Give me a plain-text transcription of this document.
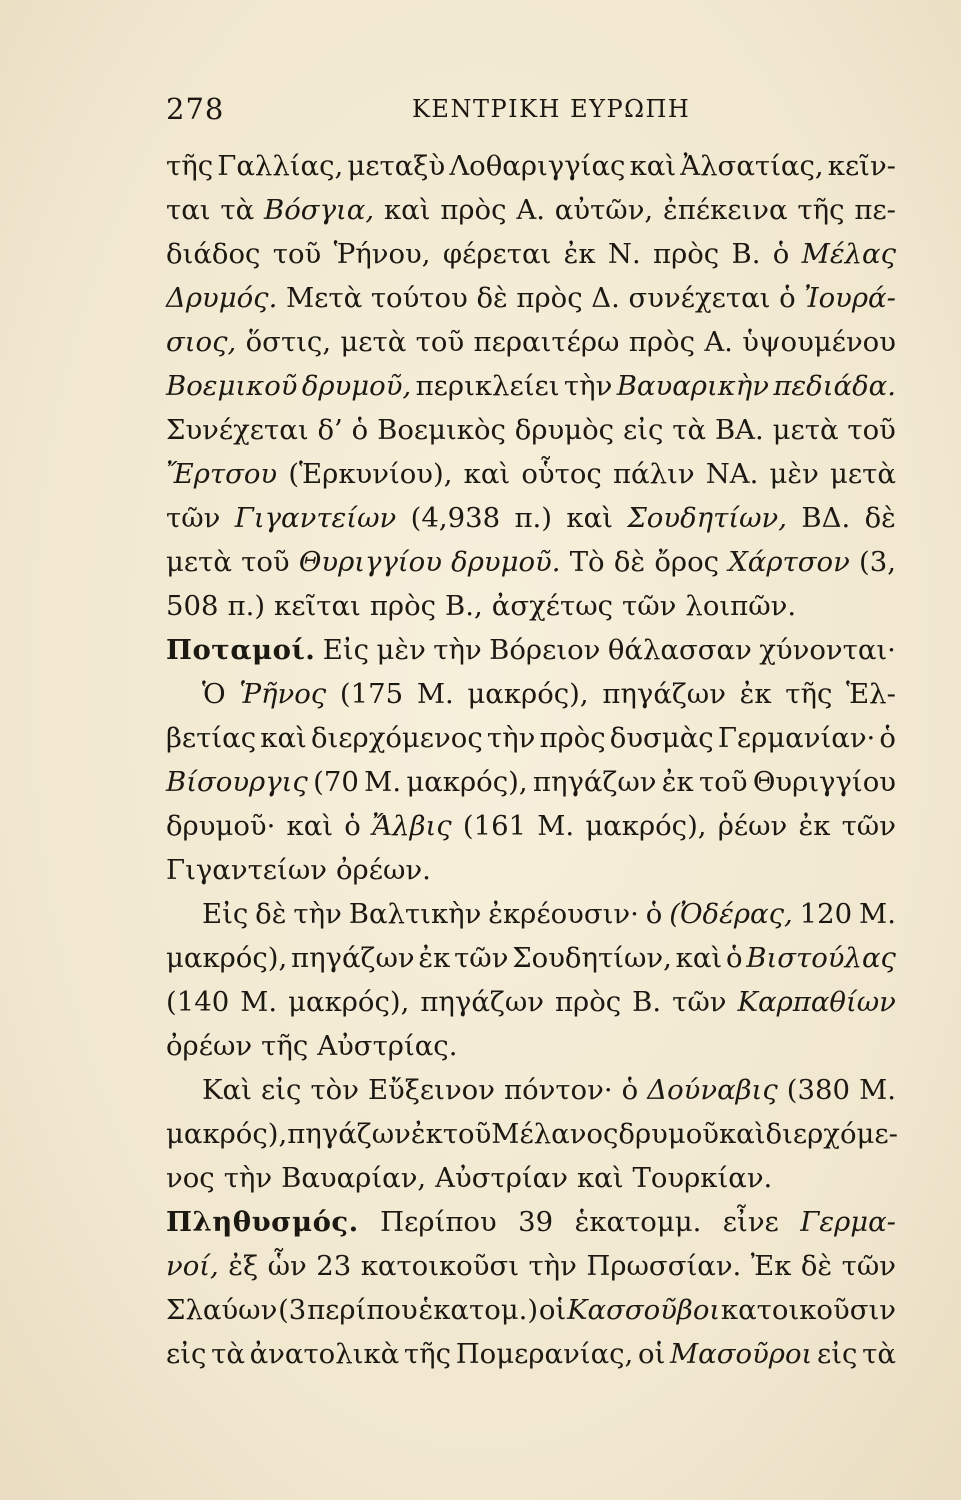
278	ΚΕΝΤΡΙΚΗ ΕΥΡΩΠΗ
τῆς Γαλλίας, μεταξὺ Λοθαριγγίας καὶ Ἀλσατίας, κεῖν-
ται τὰ Βόσγια, καὶ πρὸς Α. αὐτῶν, ἐπέκεινα τῆς πε-
διάδος τοῦ Ῥήνου, φέρεται ἐκ Ν. πρὸς Β. ὁ Μέλας
Δρυμός. Μετὰ τούτου δὲ πρὸς Δ. συνέχεται ὁ Ἰουρά-
σιος, ὅστις, μετὰ τοῦ περαιτέρω πρὸς Α. ὑψουμένου
Βοεμικοῦ δρυμοῦ, περικλείει τὴν Βαυαρικὴν πεδιάδα.
Συνέχεται δ’ ὁ Βοεμικὸς δρυμὸς εἰς τὰ ΒΑ. μετὰ τοῦ
Ἔρτσου (Ἑρκυνίου), καὶ οὗτος πάλιν ΝΑ. μὲν μετὰ
τῶν Γιγαντείων (4,938 π.) καὶ Σουδητίων, ΒΔ. δὲ
μετὰ τοῦ Θυριγγίου δρυμοῦ. Τὸ δὲ ὄρος Χάρτσον (3,
508 π.) κεῖται πρὸς Β., ἀσχέτως τῶν λοιπῶν.
Ποταμοί. Εἰς μὲν τὴν Βόρειον θάλασσαν χύνονται·
Ὁ Ῥῆνος (175 Μ. μακρός), πηγάζων ἐκ τῆς Ἑλ-
βετίας καὶ διερχόμενος τὴν πρὸς δυσμὰς Γερμανίαν· ὁ
Βίσουργις (70 Μ. μακρός), πηγάζων ἐκ τοῦ Θυριγγίου
δρυμοῦ· καὶ ὁ Ἄλβις (161 Μ. μακρός), ῥέων ἐκ τῶν
Γιγαντείων ὀρέων.
Εἰς δὲ τὴν Βαλτικὴν ἐκρέουσιν· ὁ (Ὀδέρας, 120 Μ.
μακρός), πηγάζων ἐκ τῶν Σουδητίων, καὶ ὁ Βιστούλας
(140 Μ. μακρός), πηγάζων πρὸς Β. τῶν Καρπαθίων
ὀρέων τῆς Αὐστρίας.
Καὶ εἰς τὸν Εὔξεινον πόντον· ὁ Δούναβις (380 Μ.
μακρός), πηγάζων ἐκ τοῦ Μέλανος δρυμοῦ καὶ διερχόμε-
νος τὴν Βαυαρίαν, Αὐστρίαν καὶ Τουρκίαν.
Πληθυσμός. Περίπου 39 ἑκατομμ. εἶνε Γερμα-
νοί, ἐξ ὧν 23 κατοικοῦσι τὴν Πρωσσίαν. Ἐκ δὲ τῶν
Σλαύων (3 περίπου ἑκατομ.) οἱ Κασσοῦβοι κατοικοῦσιν
εἰς τὰ ἀνατολικὰ τῆς Πομερανίας, οἱ Μασοῦροι εἰς τὰ
